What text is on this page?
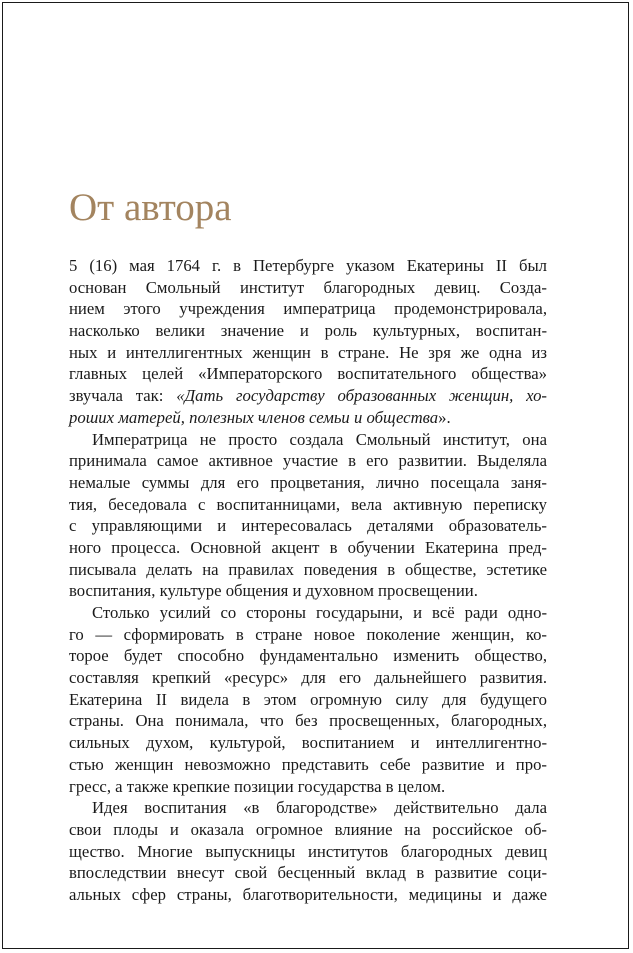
От автора
5 (16) мая 1764 г. в Петербурге указом Екатерины II был
основан Смольный институт благородных девиц. Созда-
нием этого учреждения императрица продемонстрировала,
насколько велики значение и роль культурных, воспитан-
ных и интеллигентных женщин в стране. Не зря же одна из
главных целей «Императорского воспитательного общества»
звучала так: «Дать государству образованных женщин, хо-
роших матерей, полезных членов семьи и общества».
Императрица не просто создала Смольный институт, она
принимала самое активное участие в его развитии. Выделяла
немалые суммы для его процветания, лично посещала заня-
тия, беседовала с воспитанницами, вела активную переписку
с управляющими и интересовалась деталями образователь-
ного процесса. Основной акцент в обучении Екатерина пред-
писывала делать на правилах поведения в обществе, эстетике
воспитания, культуре общения и духовном просвещении.
Столько усилий со стороны государыни, и всё ради одно-
го — сформировать в стране новое поколение женщин, ко-
торое будет способно фундаментально изменить общество,
составляя крепкий «ресурс» для его дальнейшего развития.
Екатерина II видела в этом огромную силу для будущего
страны. Она понимала, что без просвещенных, благородных,
сильных духом, культурой, воспитанием и интеллигентно-
стью женщин невозможно представить себе развитие и про-
гресс, а также крепкие позиции государства в целом.
Идея воспитания «в благородстве» действительно дала
свои плоды и оказала огромное влияние на российское об-
щество. Многие выпускницы институтов благородных девиц
впоследствии внесут свой бесценный вклад в развитие соци-
альных сфер страны, благотворительности, медицины и даже
